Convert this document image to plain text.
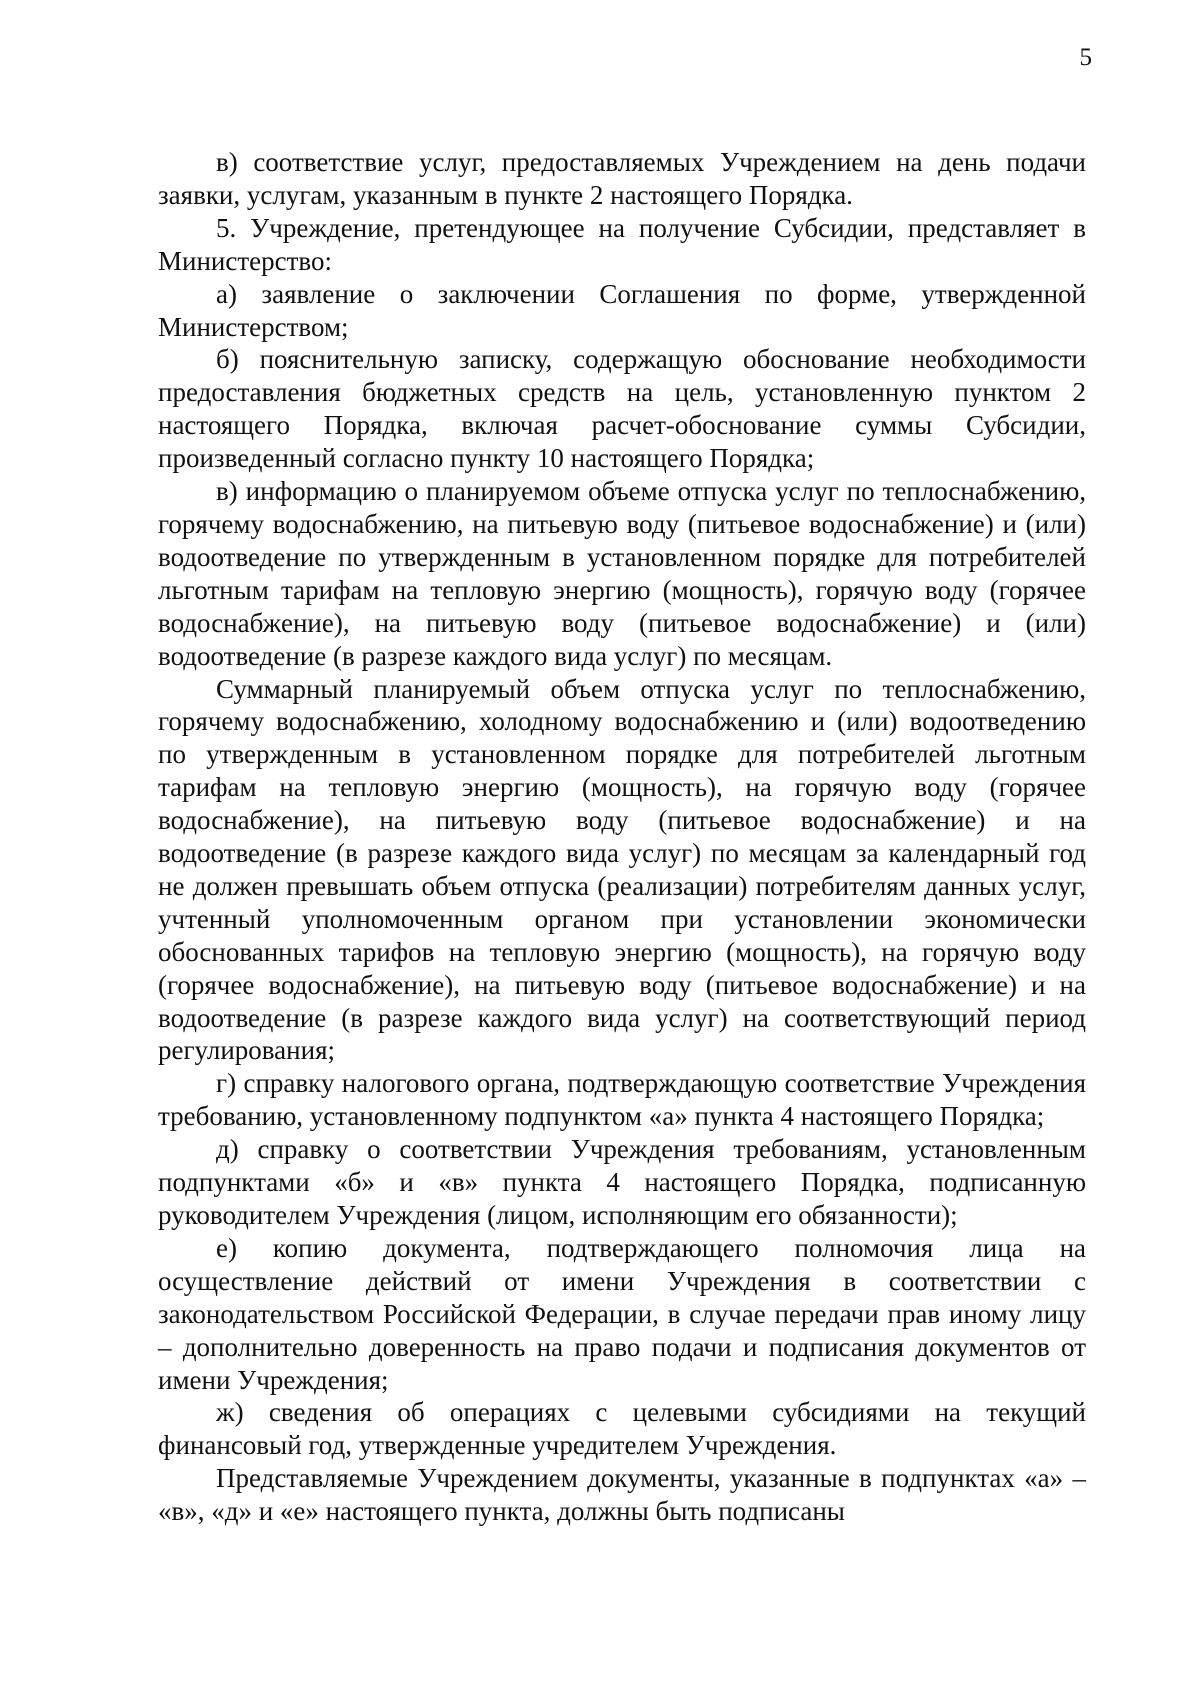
5

в) соответствие услуг, предоставляемых Учреждением на день подачи заявки, услугам, указанным в пункте 2 настоящего Порядка.

5. Учреждение, претендующее на получение Субсидии, представляет в Министерство:

а) заявление о заключении Соглашения по форме, утвержденной Министерством;

б) пояснительную записку, содержащую обоснование необходимости предоставления бюджетных средств на цель, установленную пунктом 2 настоящего Порядка, включая расчет-обоснование суммы Субсидии, произведенный согласно пункту 10 настоящего Порядка;

в) информацию о планируемом объеме отпуска услуг по теплоснабжению, горячему водоснабжению, на питьевую воду (питьевое водоснабжение) и (или) водоотведение по утвержденным в установленном порядке для потребителей льготным тарифам на тепловую энергию (мощность), горячую воду (горячее водоснабжение), на питьевую воду (питьевое водоснабжение) и (или) водоотведение (в разрезе каждого вида услуг) по месяцам.

Суммарный планируемый объем отпуска услуг по теплоснабжению, горячему водоснабжению, холодному водоснабжению и (или) водоотведению по утвержденным в установленном порядке для потребителей льготным тарифам на тепловую энергию (мощность), на горячую воду (горячее водоснабжение), на питьевую воду (питьевое водоснабжение) и на водоотведение (в разрезе каждого вида услуг) по месяцам за календарный год не должен превышать объем отпуска (реализации) потребителям данных услуг, учтенный уполномоченным органом при установлении экономически обоснованных тарифов на тепловую энергию (мощность), на горячую воду (горячее водоснабжение), на питьевую воду (питьевое водоснабжение) и на водоотведение (в разрезе каждого вида услуг) на соответствующий период регулирования;

г) справку налогового органа, подтверждающую соответствие Учреждения требованию, установленному подпунктом «а» пункта 4 настоящего Порядка;

д) справку о соответствии Учреждения требованиям, установленным подпунктами «б» и «в» пункта 4 настоящего Порядка, подписанную руководителем Учреждения (лицом, исполняющим его обязанности);

е) копию документа, подтверждающего полномочия лица на осуществление действий от имени Учреждения в соответствии с законодательством Российской Федерации, в случае передачи прав иному лицу – дополнительно доверенность на право подачи и подписания документов от имени Учреждения;

ж) сведения об операциях с целевыми субсидиями на текущий финансовый год, утвержденные учредителем Учреждения.

Представляемые Учреждением документы, указанные в подпунктах «а» – «в», «д» и «е» настоящего пункта, должны быть подписаны
